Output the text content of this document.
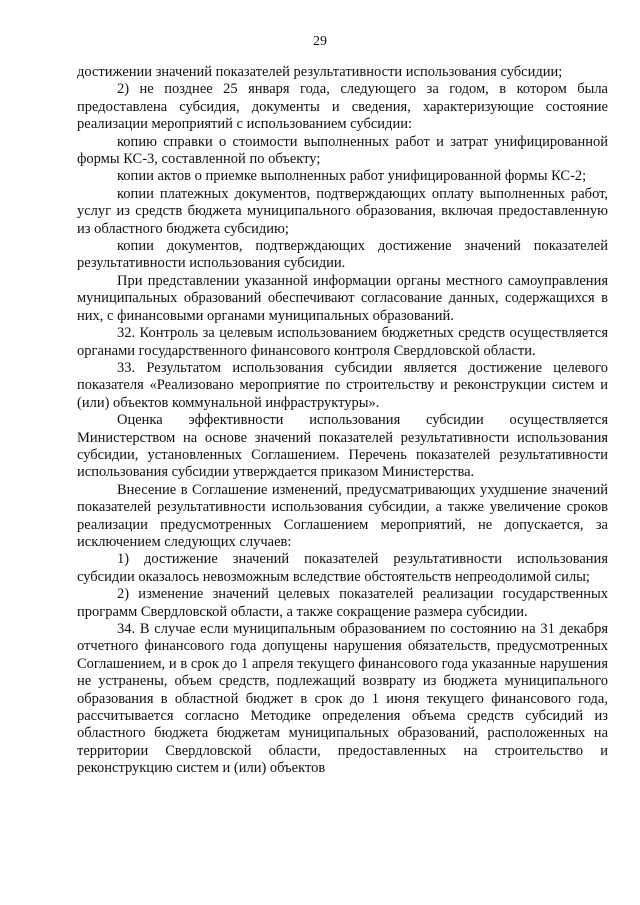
29

достижении значений показателей результативности использования субсидии;

2) не позднее 25 января года, следующего за годом, в котором была предоставлена субсидия, документы и сведения, характеризующие состояние реализации мероприятий с использованием субсидии:

копию справки о стоимости выполненных работ и затрат унифицированной формы КС-3, составленной по объекту;

копии актов о приемке выполненных работ унифицированной формы КС-2;

копии платежных документов, подтверждающих оплату выполненных работ, услуг из средств бюджета муниципального образования, включая предоставленную из областного бюджета субсидию;

копии документов, подтверждающих достижение значений показателей результативности использования субсидии.

При представлении указанной информации органы местного самоуправления муниципальных образований обеспечивают согласование данных, содержащихся в них, с финансовыми органами муниципальных образований.

32. Контроль за целевым использованием бюджетных средств осуществляется органами государственного финансового контроля Свердловской области.

33. Результатом использования субсидии является достижение целевого показателя «Реализовано мероприятие по строительству и реконструкции систем и (или) объектов коммунальной инфраструктуры».

Оценка эффективности использования субсидии осуществляется Министерством на основе значений показателей результативности использования субсидии, установленных Соглашением. Перечень показателей результативности использования субсидии утверждается приказом Министерства.

Внесение в Соглашение изменений, предусматривающих ухудшение значений показателей результативности использования субсидии, а также увеличение сроков реализации предусмотренных Соглашением мероприятий, не допускается, за исключением следующих случаев:

1) достижение значений показателей результативности использования субсидии оказалось невозможным вследствие обстоятельств непреодолимой силы;

2) изменение значений целевых показателей реализации государственных программ Свердловской области, а также сокращение размера субсидии.

34. В случае если муниципальным образованием по состоянию на 31 декабря отчетного финансового года допущены нарушения обязательств, предусмотренных Соглашением, и в срок до 1 апреля текущего финансового года указанные нарушения не устранены, объем средств, подлежащий возврату из бюджета муниципального образования в областной бюджет в срок до 1 июня текущего финансового года, рассчитывается согласно Методике определения объема средств субсидий из областного бюджета бюджетам муниципальных образований, расположенных на территории Свердловской области, предоставленных на строительство и реконструкцию систем и (или) объектов
